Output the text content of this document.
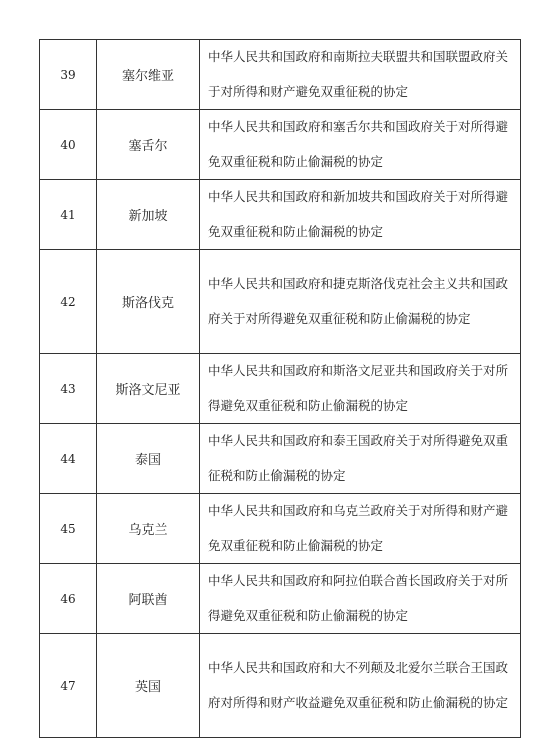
39	塞尔维亚	中华人民共和国政府和南斯拉夫联盟共和国联盟政府关于对所得和财产避免双重征税的协定
40	塞舌尔	中华人民共和国政府和塞舌尔共和国政府关于对所得避免双重征税和防止偷漏税的协定
41	新加坡	中华人民共和国政府和新加坡共和国政府关于对所得避免双重征税和防止偷漏税的协定
42	斯洛伐克	中华人民共和国政府和捷克斯洛伐克社会主义共和国政府关于对所得避免双重征税和防止偷漏税的协定
43	斯洛文尼亚	中华人民共和国政府和斯洛文尼亚共和国政府关于对所得避免双重征税和防止偷漏税的协定
44	泰国	中华人民共和国政府和泰王国政府关于对所得避免双重征税和防止偷漏税的协定
45	乌克兰	中华人民共和国政府和乌克兰政府关于对所得和财产避免双重征税和防止偷漏税的协定
46	阿联酋	中华人民共和国政府和阿拉伯联合酋长国政府关于对所得避免双重征税和防止偷漏税的协定
47	英国	中华人民共和国政府和大不列颠及北爱尔兰联合王国政府对所得和财产收益避免双重征税和防止偷漏税的协定
